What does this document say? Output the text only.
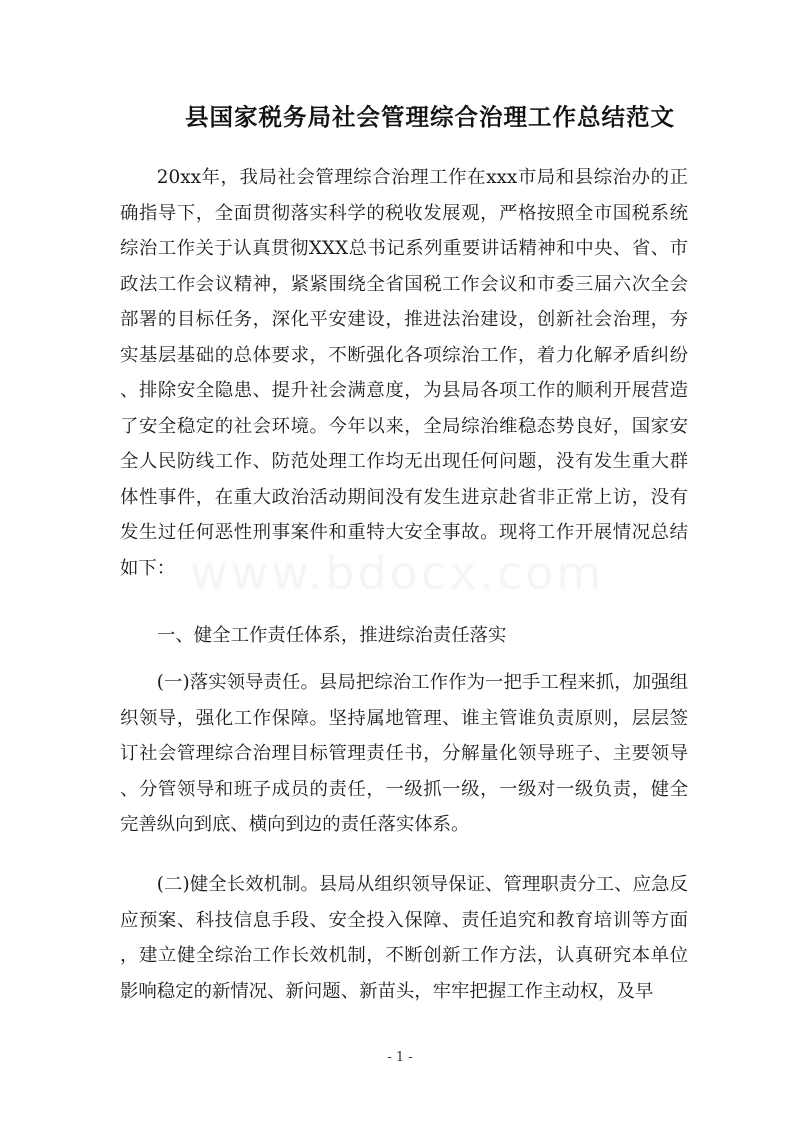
www.bdocx.com
县国家税务局社会管理综合治理工作总结范文
20xx年，我局社会管理综合治理工作在xxx市局和县综治办的正确指导下，全面贯彻落实科学的税收发展观，严格按照全市国税系统综治工作关于认真贯彻XXX总书记系列重要讲话精神和中央、省、市政法工作会议精神，紧紧围绕全省国税工作会议和市委三届六次全会部署的目标任务，深化平安建设，推进法治建设，创新社会治理，夯实基层基础的总体要求，不断强化各项综治工作，着力化解矛盾纠纷、排除安全隐患、提升社会满意度，为县局各项工作的顺利开展营造了安全稳定的社会环境。今年以来，全局综治维稳态势良好，国家安全人民防线工作、防范处理工作均无出现任何问题，没有发生重大群体性事件，在重大政治活动期间没有发生进京赴省非正常上访，没有发生过任何恶性刑事案件和重特大安全事故。现将工作开展情况总结如下：
一、健全工作责任体系，推进综治责任落实
(一)落实领导责任。县局把综治工作作为一把手工程来抓，加强组织领导，强化工作保障。坚持属地管理、谁主管谁负责原则，层层签订社会管理综合治理目标管理责任书，分解量化领导班子、主要领导、分管领导和班子成员的责任，一级抓一级，一级对一级负责，健全完善纵向到底、横向到边的责任落实体系。
(二)健全长效机制。县局从组织领导保证、管理职责分工、应急反应预案、科技信息手段、安全投入保障、责任追究和教育培训等方面，建立健全综治工作长效机制，不断创新工作方法，认真研究本单位影响稳定的新情况、新问题、新苗头，牢牢把握工作主动权，及早
- 1 -
